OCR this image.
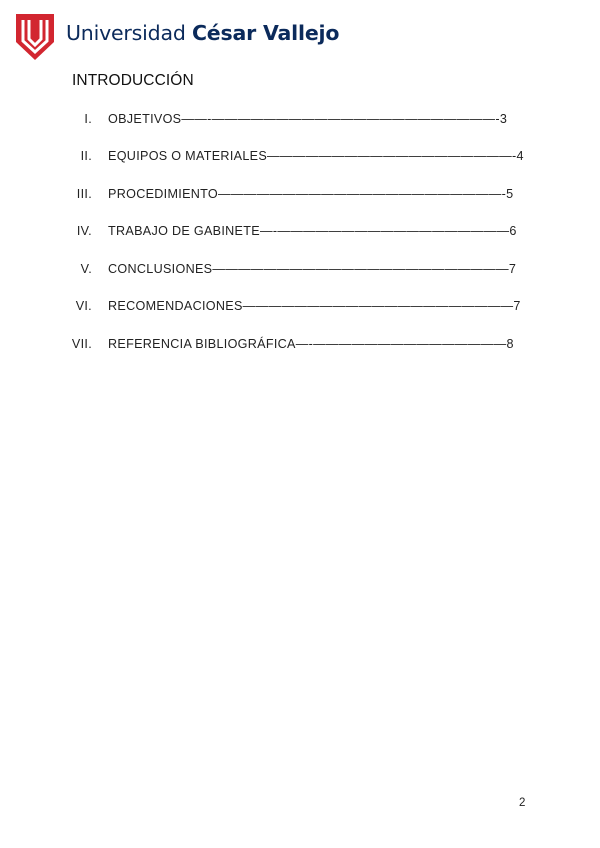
Universidad César Vallejo
INTRODUCCIÓN
I. OBJETIVOS——-——————————————————————-3
II. EQUIPOS O MATERIALES———————————————————-4
III. PROCEDIMIENTO——————————————————————-5
IV. TRABAJO DE GABINETE—-——————————————————6
V. CONCLUSIONES———————————————————————7
VI. RECOMENDACIONES—————————————————————7
VII. REFERENCIA BIBLIOGRÁFICA—-———————————————8
2
